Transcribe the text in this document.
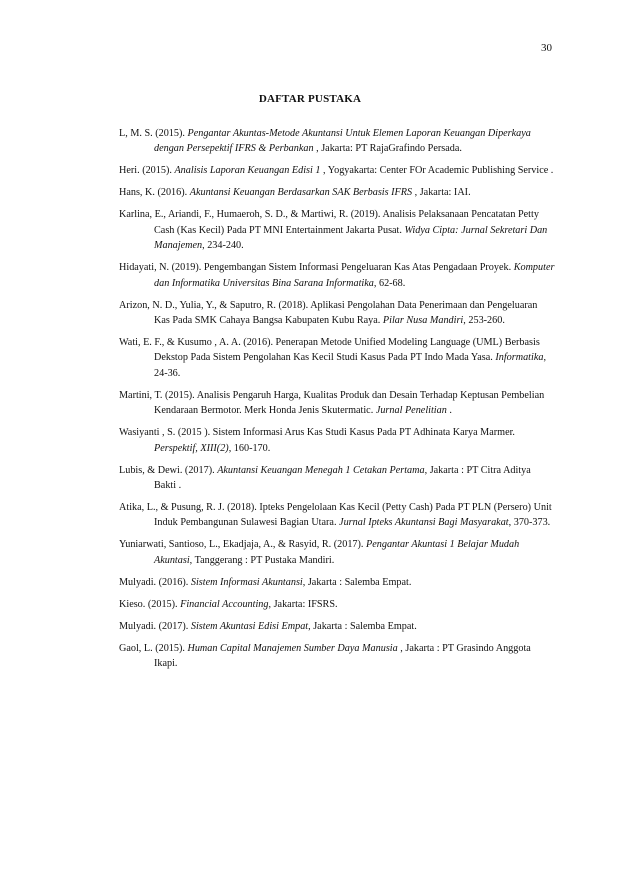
30
DAFTAR PUSTAKA

L, M. S. (2015). Pengantar Akuntas-Metode Akuntansi Untuk Elemen Laporan Keuangan Diperkaya dengan Persepektif IFRS & Perbankan , Jakarta: PT RajaGrafindo Persada.

Heri. (2015). Analisis Laporan Keuangan Edisi 1 , Yogyakarta: Center FOr Academic Publishing Service .

Hans, K. (2016). Akuntansi Keuangan Berdasarkan SAK Berbasis IFRS , Jakarta: IAI.

Karlina, E., Ariandi, F., Humaeroh, S. D., & Martiwi, R. (2019). Analisis Pelaksanaan Pencatatan Petty Cash (Kas Kecil) Pada PT MNI Entertainment Jakarta Pusat. Widya Cipta: Jurnal Sekretari Dan Manajemen, 234-240.

Hidayati, N. (2019). Pengembangan Sistem Informasi Pengeluaran Kas Atas Pengadaan Proyek. Komputer dan Informatika Universitas Bina Sarana Informatika, 62-68.

Arizon, N. D., Yulia, Y., & Saputro, R. (2018). Aplikasi Pengolahan Data Penerimaan dan Pengeluaran Kas Pada SMK Cahaya Bangsa Kabupaten Kubu Raya. Pilar Nusa Mandiri, 253-260.

Wati, E. F., & Kusumo , A. A. (2016). Penerapan Metode Unified Modeling Language (UML) Berbasis Dekstop Pada Sistem Pengolahan Kas Kecil Studi Kasus Pada PT Indo Mada Yasa. Informatika, 24-36.

Martini, T. (2015). Analisis Pengaruh Harga, Kualitas Produk dan Desain Terhadap Keptusan Pembelian Kendaraan Bermotor. Merk Honda Jenis Skutermatic. Jurnal Penelitian .

Wasiyanti , S. (2015 ). Sistem Informasi Arus Kas Studi Kasus Pada PT Adhinata Karya Marmer. Perspektif, XIII(2), 160-170.

Lubis, & Dewi. (2017). Akuntansi Keuangan Menegah 1 Cetakan Pertama, Jakarta : PT Citra Aditya Bakti .

Atika, L., & Pusung, R. J. (2018). Ipteks Pengelolaan Kas Kecil (Petty Cash) Pada PT PLN (Persero) Unit Induk Pembangunan Sulawesi Bagian Utara. Jurnal Ipteks Akuntansi Bagi Masyarakat, 370-373.

Yuniarwati, Santioso, L., Ekadjaja, A., & Rasyid, R. (2017). Pengantar Akuntasi 1 Belajar Mudah Akuntasi, Tanggerang : PT Pustaka Mandiri.

Mulyadi. (2016). Sistem Informasi Akuntansi, Jakarta : Salemba Empat.

Kieso. (2015). Financial Accounting, Jakarta: IFSRS.

Mulyadi. (2017). Sistem Akuntasi Edisi Empat, Jakarta : Salemba Empat.

Gaol, L. (2015). Human Capital Manajemen Sumber Daya Manusia , Jakarta : PT Grasindo Anggota Ikapi.
